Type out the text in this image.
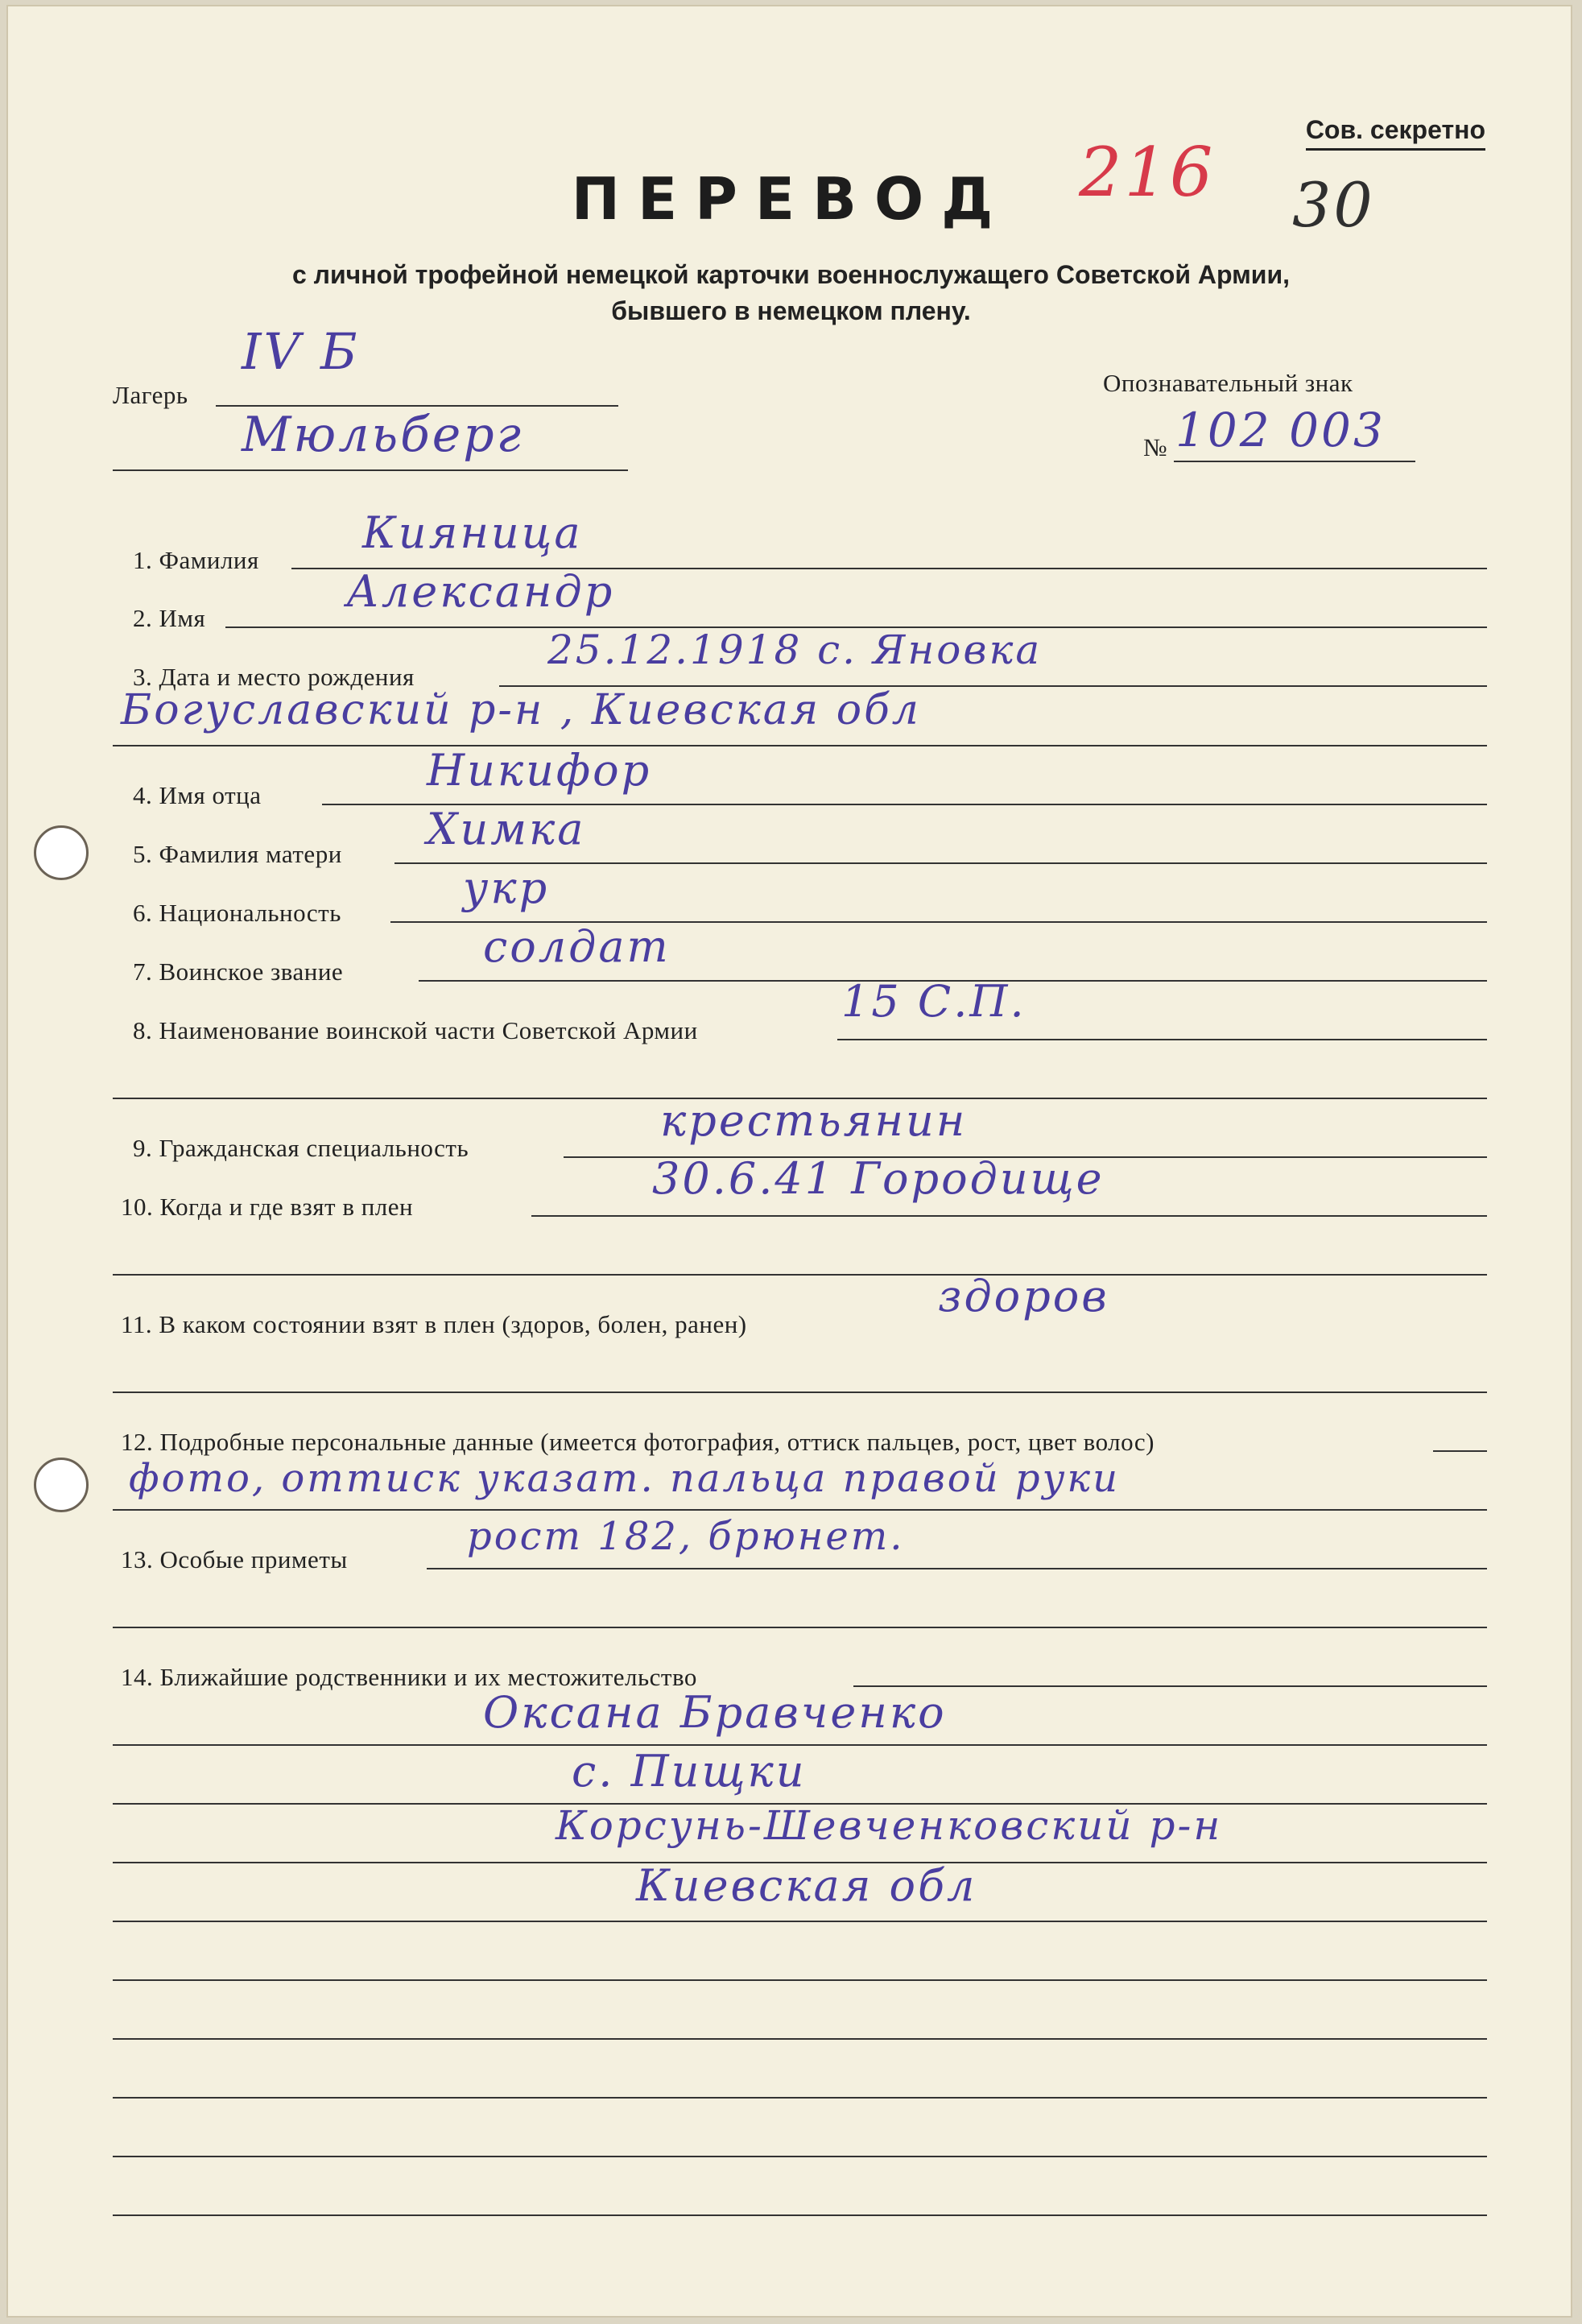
Сов. секретно
216 30
ПЕРЕВОД
с личной трофейной немецкой карточки военнослужащего Советской Армии,
бывшего в немецком плену.
Лагерь
IV Б
Мюльберг
Опознавательный знак
№ 102 003
1. Фамилия
Кияница
2. Имя
Александр
3. Дата и место рождения
25.12.1918 с. Яновка
Богуславский р-н , Киевская обл
4. Имя отца	Никифор
5. Фамилия матери Химка
6. Национальность	укр
7. Воинское звание	солдат
8. Наименование воинской части Советской Армии
15 С.П.
9. Гражданская специальность
крестьянин
10. Когда и где взят в плен
30.6.41 Городище
11. В каком состоянии взят в плен (здоров, болен, ранен)
здоров
12. Подробные персональные данные (имеется фотография, оттиск пальцев, рост, цвет волос)
фото, оттиск указат. пальца правой руки
13. Особые приметы
рост 182, брюнет.
14. Ближайшие родственники и их местожительство
Оксана Бравченко
с. Пищки
Корсунь-Шевченковский р-н
Киевская обл
